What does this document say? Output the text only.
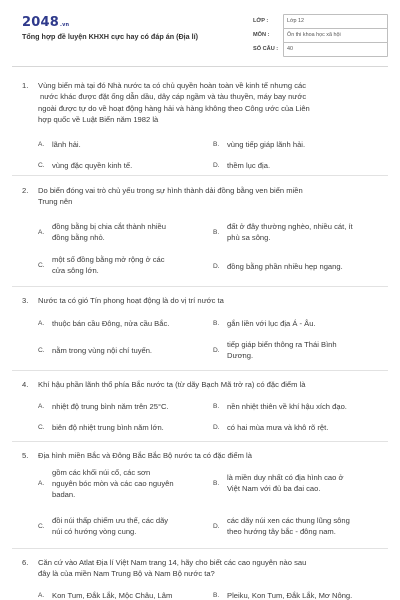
2048.vn
Tổng hợp đề luyện KHXH cực hay có đáp án (Địa lí)
LỚP :	Lớp 12
MÔN :	Ôn thi khoa học xã hội
SỐ CÂU :	40
1. Vùng biển mà tại đó Nhà nước ta có chủ quyền hoàn toàn về kinh tế nhưng các
nước khác được đặt ống dẫn dầu, dây cáp ngầm và tàu thuyền, máy bay nước
ngoài được tự do về hoạt động hàng hải và hàng không theo Công ước của Liên
hợp quốc về Luật Biển năm 1982 là
A. lãnh hải.	B. vùng tiếp giáp lãnh hải.
C. vùng đặc quyền kinh tế.	D. thềm lục địa.
2. Do biển đóng vai trò chủ yếu trong sự hình thành dải đồng bằng ven biển miền
Trung nên
A.
đồng bằng bị chia cắt thành nhiều
đồng bằng nhỏ.
B.
đất ở đây thường nghèo, nhiều cát, ít
phù sa sông.
C.
một số đồng bằng mở rộng ở các
cửa sông lớn.	D. đồng bằng phần nhiều hẹp ngang.
3. Nước ta có gió Tín phong hoạt động là do vị trí nước ta
A. thuộc bán cầu Đông, nửa cầu Bắc.	B. gắn liền với lục địa Á - Âu.
C. nằm trong vùng nội chí tuyến.	D.
tiếp giáp biển thông ra Thái Bình
Dương.
4. Khí hậu phần lãnh thổ phía Bắc nước ta (từ dãy Bạch Mã trở ra) có đặc điểm là
A. nhiệt độ trung bình năm trên 25°C.	B. nền nhiệt thiên về khí hậu xích đạo.
C. biên độ nhiệt trung bình năm lớn.	D. có hai mùa mưa và khô rõ rệt.
5. Địa hình miền Bắc và Đông Bắc Bắc Bộ nước ta có đặc điểm là
A.
gồm các khối núi cổ, các sơn
nguyên bóc mòn và các cao nguyên
badan.
B.
là miền duy nhất có địa hình cao ở
Việt Nam với đủ ba đai cao.
C.
đồi núi thấp chiếm ưu thế, các dãy
núi có hướng vòng cung.
D.
các dãy núi xen các thung lũng sông
theo hướng tây bắc - đông nam.
6. Căn cứ vào Atlat Địa lí Việt Nam trang 14, hãy cho biết các cao nguyên nào sau
đây là của miền Nam Trung Bộ và Nam Bộ nước ta?
A. Kon Tum, Đắk Lắk, Mộc Châu, Lâm	B. Pleiku, Kon Tum, Đắk Lắk, Mơ Nông.
